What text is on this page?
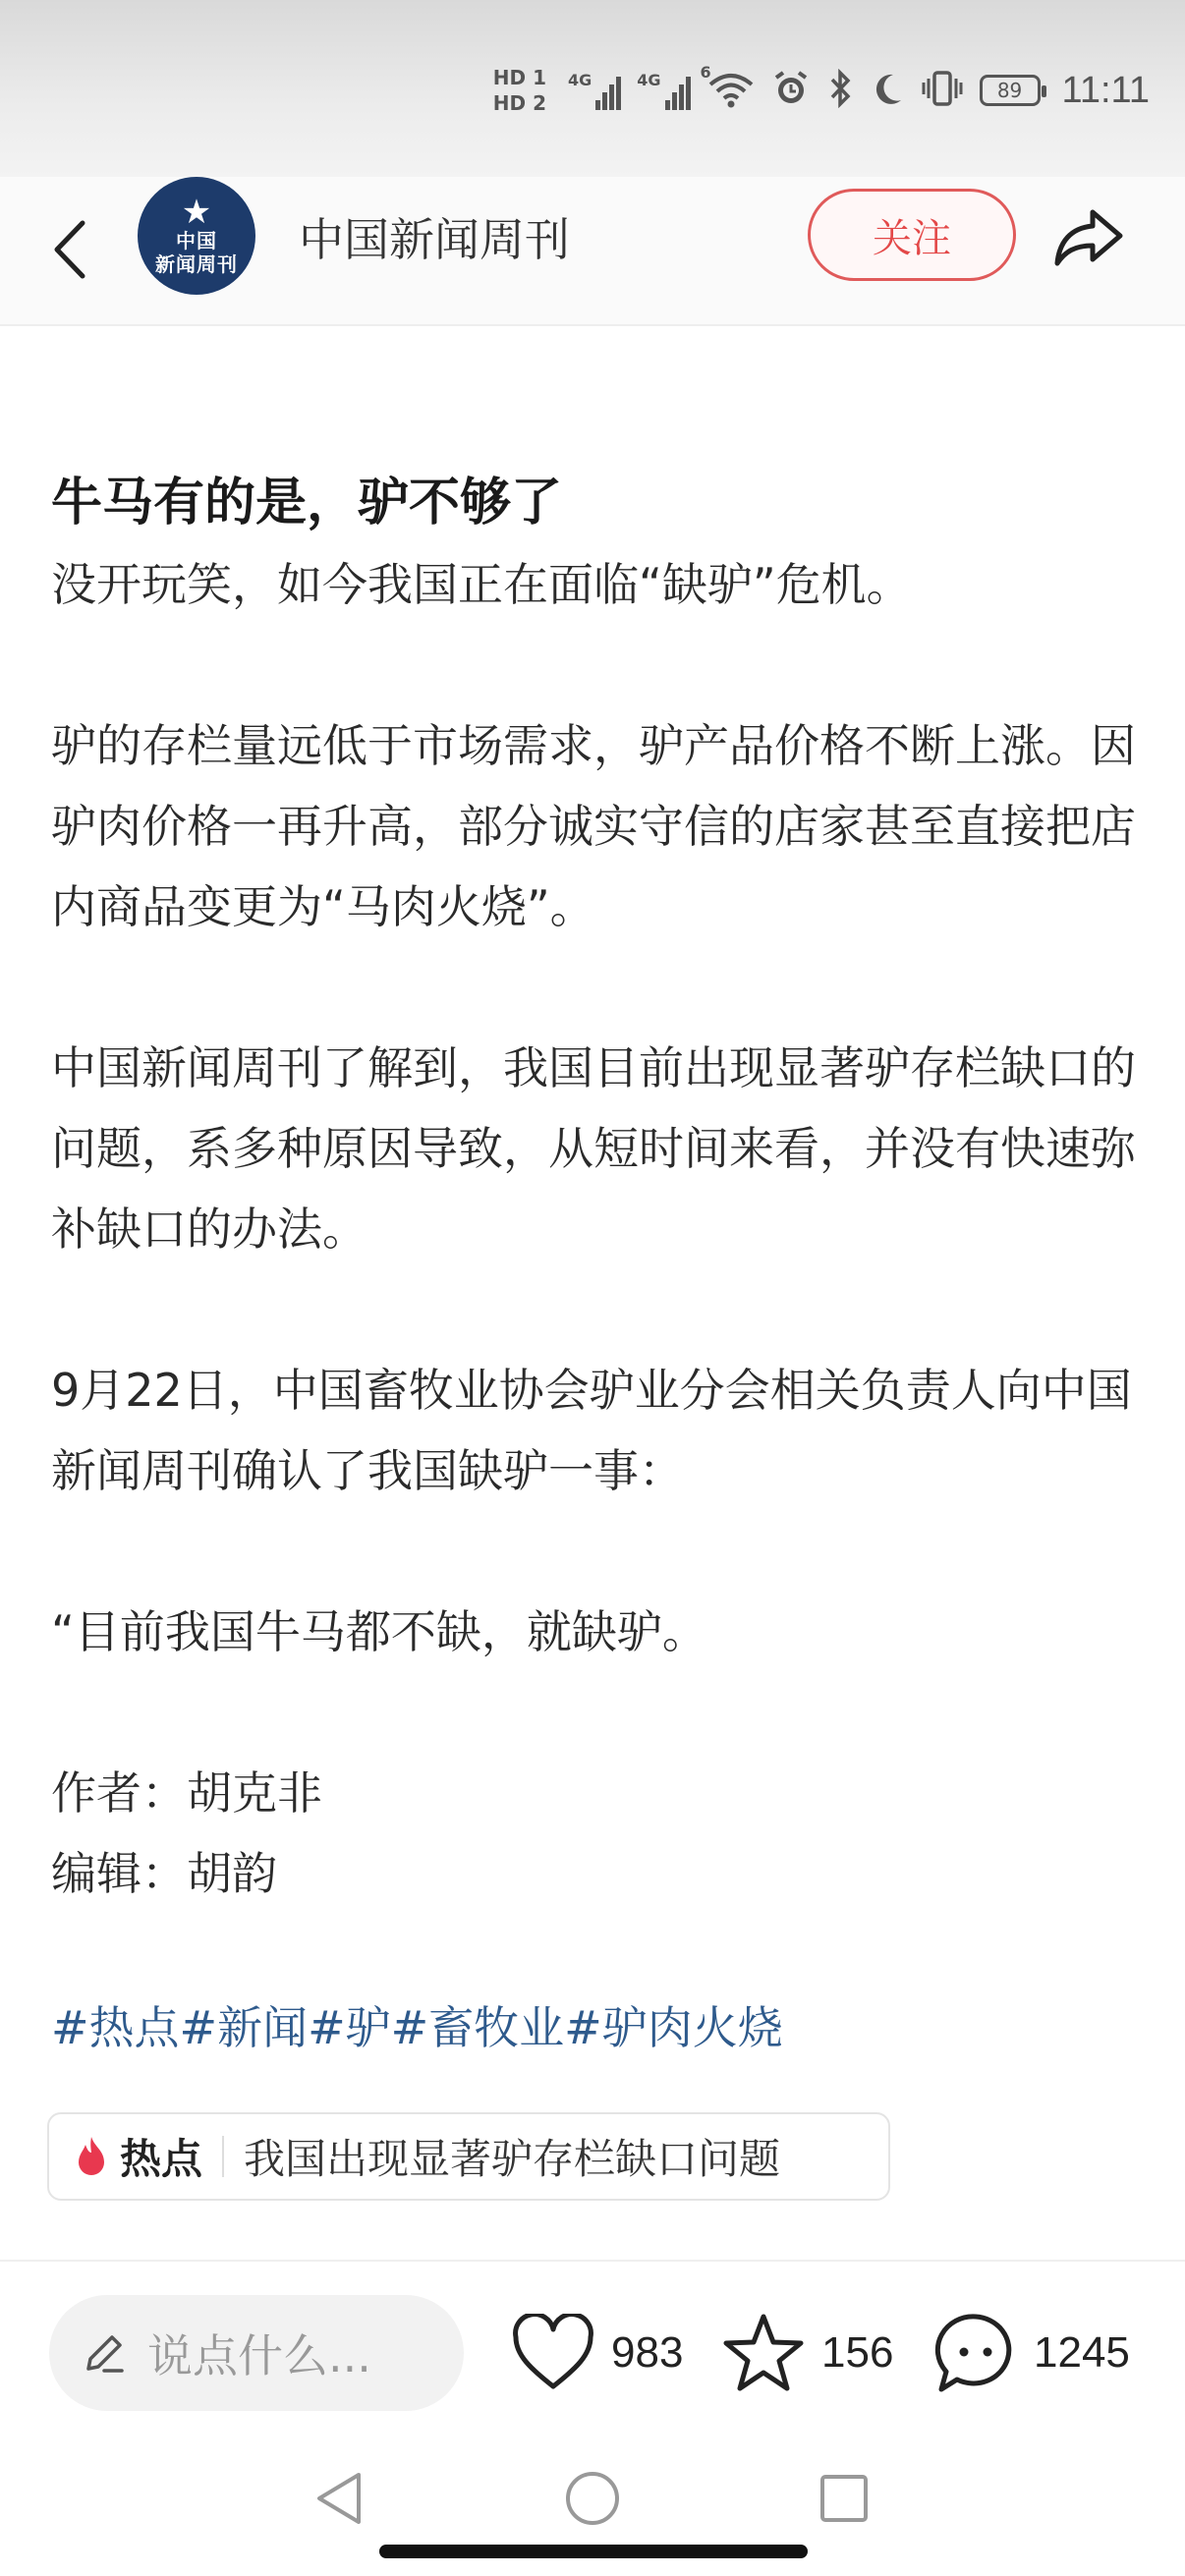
HD 1
HD 2
4G	4G	6
89 11:11
★
中国
新闻周刊 中国新闻周刊	关注
牛马有的是，驴不够了

没开玩笑，如今我国正在面临“缺驴”危机。

驴的存栏量远低于市场需求，驴产品价格不断上涨。因驴肉价格一再升高，部分诚实守信的店家甚至直接把店内商品变更为“马肉火烧”。

中国新闻周刊了解到，我国目前出现显著驴存栏缺口的问题，系多种原因导致，从短时间来看，并没有快速弥补缺口的办法。

9月22日，中国畜牧业协会驴业分会相关负责人向中国新闻周刊确认了我国缺驴一事：

“目前我国牛马都不缺，就缺驴。

作者：胡克非

编辑：胡韵

#热点#新闻#驴#畜牧业#驴肉火烧
热点 我国出现显著驴存栏缺口问题
说点什么...	983	156	1245
